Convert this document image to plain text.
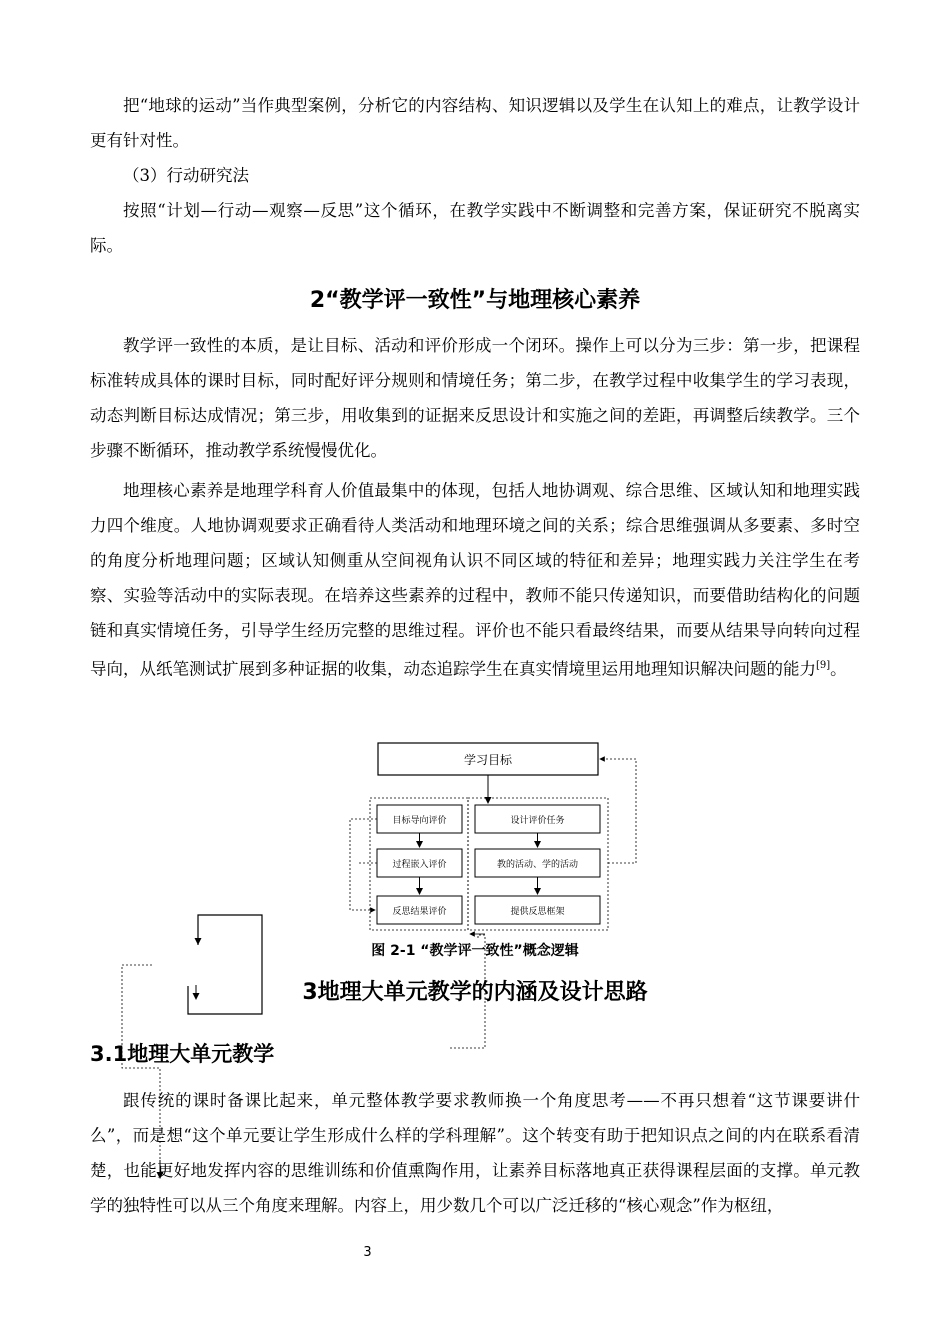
把“地球的运动”当作典型案例，分析它的内容结构、知识逻辑以及学生在认知上的难点，让教学设计更有针对性。

（3）行动研究法

按照“计划—行动—观察—反思”这个循环，在教学实践中不断调整和完善方案，保证研究不脱离实际。

2“教学评一致性”与地理核心素养

教学评一致性的本质，是让目标、活动和评价形成一个闭环。操作上可以分为三步：第一步，把课程标准转成具体的课时目标，同时配好评分规则和情境任务；第二步，在教学过程中收集学生的学习表现，动态判断目标达成情况；第三步，用收集到的证据来反思设计和实施之间的差距，再调整后续教学。三个步骤不断循环，推动教学系统慢慢优化。

地理核心素养是地理学科育人价值最集中的体现，包括人地协调观、综合思维、区域认知和地理实践力四个维度。人地协调观要求正确看待人类活动和地理环境之间的关系；综合思维强调从多要素、多时空的角度分析地理问题；区域认知侧重从空间视角认识不同区域的特征和差异；地理实践力关注学生在考察、实验等活动中的实际表现。在培养这些素养的过程中，教师不能只传递知识，而要借助结构化的问题链和真实情境任务，引导学生经历完整的思维过程。评价也不能只看最终结果，而要从结果导向转向过程导向，从纸笔测试扩展到多种证据的收集，动态追踪学生在真实情境里运用地理知识解决问题的能力[9]。

学习目标
目标导向评价
过程嵌入评价
反思结果评价
设计评价任务
教的活动、学的活动
提供反思框架
图 2-1 “教学评一致性”概念逻辑
3地理大单元教学的内涵及设计思路
3.1地理大单元教学

跟传统的课时备课比起来，单元整体教学要求教师换一个角度思考——不再只想着“这节课要讲什么”，而是想“这个单元要让学生形成什么样的学科理解”。这个转变有助于把知识点之间的内在联系看清楚，也能更好地发挥内容的思维训练和价值熏陶作用，让素养目标落地真正获得课程层面的支撑。单元教学的独特性可以从三个角度来理解。内容上，用少数几个可以广泛迁移的“核心观念”作为枢纽，

3
